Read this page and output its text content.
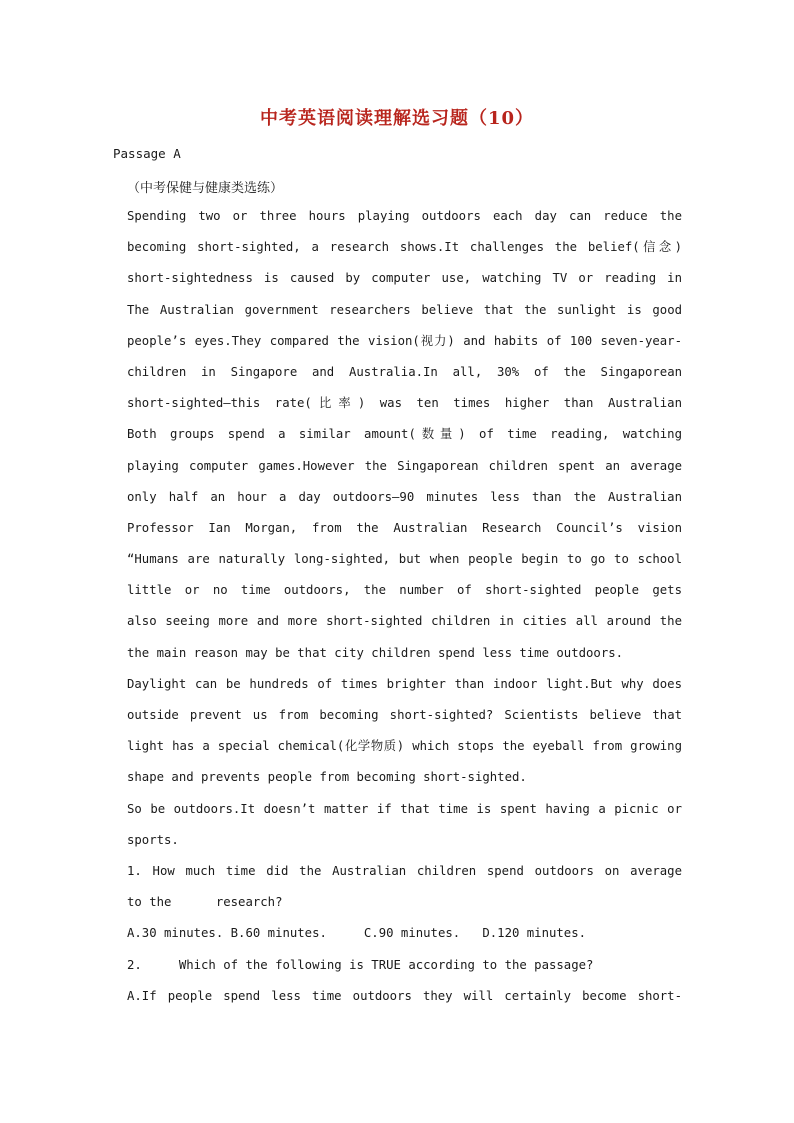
中考英语阅读理解选习题（10）
Passage A
（中考保健与健康类选练）
Spending two or three hours playing outdoors each day can reduce the
becoming short-sighted, a research shows.It challenges the belief(信念)
short-sightedness is caused by computer use, watching TV or reading in
The Australian government researchers believe that the sunlight is good
people’s eyes.They compared the vision(视力) and habits of 100 seven-year-
children in Singapore and Australia.In all, 30% of the Singaporean
short-sighted—this rate(比率) was ten times higher than Australian
Both groups spend a similar amount(数量) of time reading, watching
playing computer games.However the Singaporean children spent an average
only half an hour a day outdoors—90 minutes less than the Australian
Professor Ian Morgan, from the Australian Research Council’s vision
“Humans are naturally long-sighted, but when people begin to go to school
little or no time outdoors, the number of short-sighted people gets
also seeing more and more short-sighted children in cities all around the
the main reason may be that city children spend less time outdoors.
Daylight can be hundreds of times brighter than indoor light.But why does
outside prevent us from becoming short-sighted? Scientists believe that
light has a special chemical(化学物质) which stops the eyeball from growing
shape and prevents people from becoming short-sighted.
So be outdoors.It doesn’t matter if that time is spent having a picnic or
sports.
1. How much time did the Australian children spend outdoors on average
to the      research?
A.30 minutes. B.60 minutes.     C.90 minutes.   D.120 minutes.
2.     Which of the following is TRUE according to the passage?
A.If people spend less time outdoors they will certainly become short-
